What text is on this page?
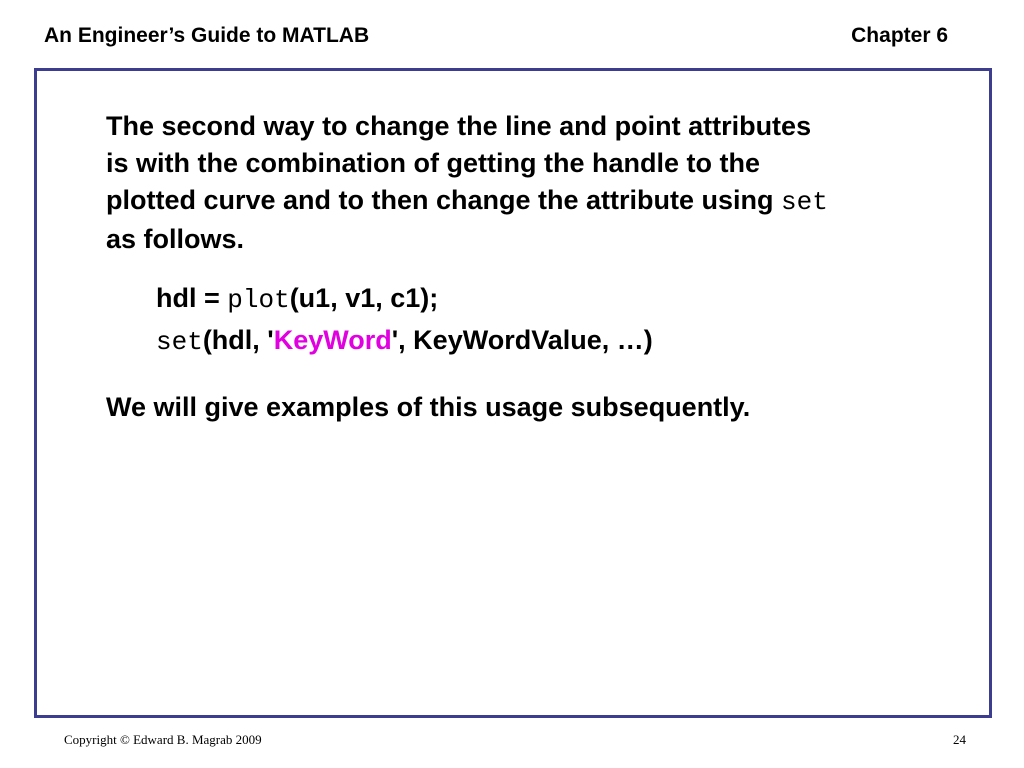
An Engineer’s Guide to MATLAB	Chapter 6
The second way to change the line and point attributes
is with the combination of getting the handle to the
plotted curve and to then change the attribute using set
as follows.
hdl = plot(u1, v1, c1);
set(hdl, 'KeyWord', KeyWordValue, …)
We will give examples of this usage subsequently.
Copyright © Edward B. Magrab 2009	24
